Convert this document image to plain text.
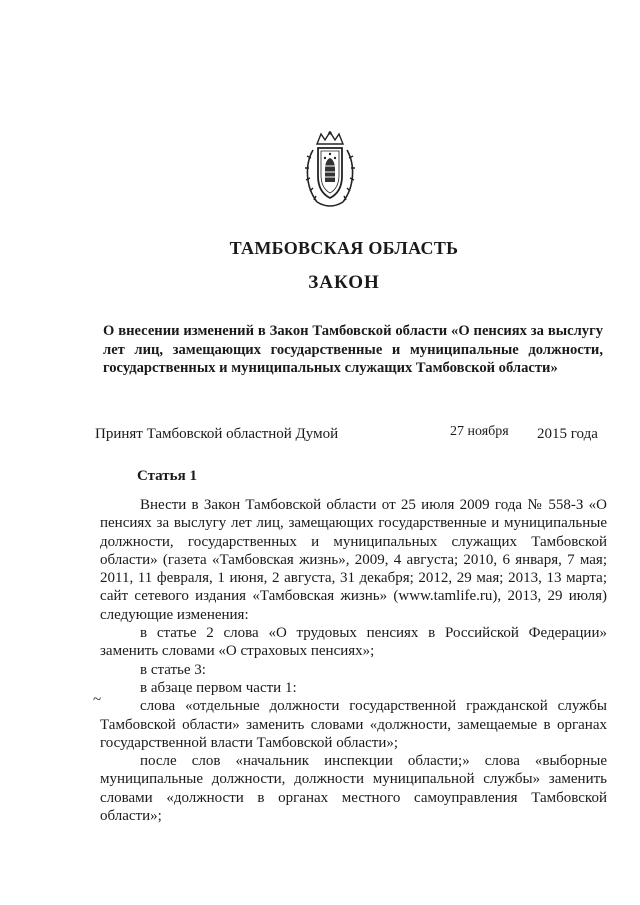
ТАМБОВСКАЯ ОБЛАСТЬ
ЗАКОН
О внесении изменений в Закон Тамбовской области «О пенсиях за выслугу лет лиц, замещающих государственные и муниципальные должности, государственных и муниципальных служащих Тамбовской области»
Принят Тамбовской областной Думой	27 ноября 2015 года
Статья 1

Внести в Закон Тамбовской области от 25 июля 2009 года № 558-З «О пенсиях за выслугу лет лиц, замещающих государственные и муниципальные должности, государственных и муниципальных служащих Тамбовской области» (газета «Тамбовская жизнь», 2009, 4 августа; 2010, 6 января, 7 мая; 2011, 11 февраля, 1 июня, 2 августа, 31 декабря; 2012, 29 мая; 2013, 13 марта; сайт сетевого издания «Тамбовская жизнь» (www.tamlife.ru), 2013, 29 июля) следующие изменения:

в статье 2 слова «О трудовых пенсиях в Российской Федерации» заменить словами «О страховых пенсиях»;

в статье 3:

в абзаце первом части 1:

слова «отдельные должности государственной гражданской службы Тамбовской области» заменить словами «должности, замещаемые в органах государственной власти Тамбовской области»;

после слов «начальник инспекции области;» слова «выборные муниципальные должности, должности муниципальной службы» заменить словами «должности в органах местного самоуправления Тамбовской области»;

~
